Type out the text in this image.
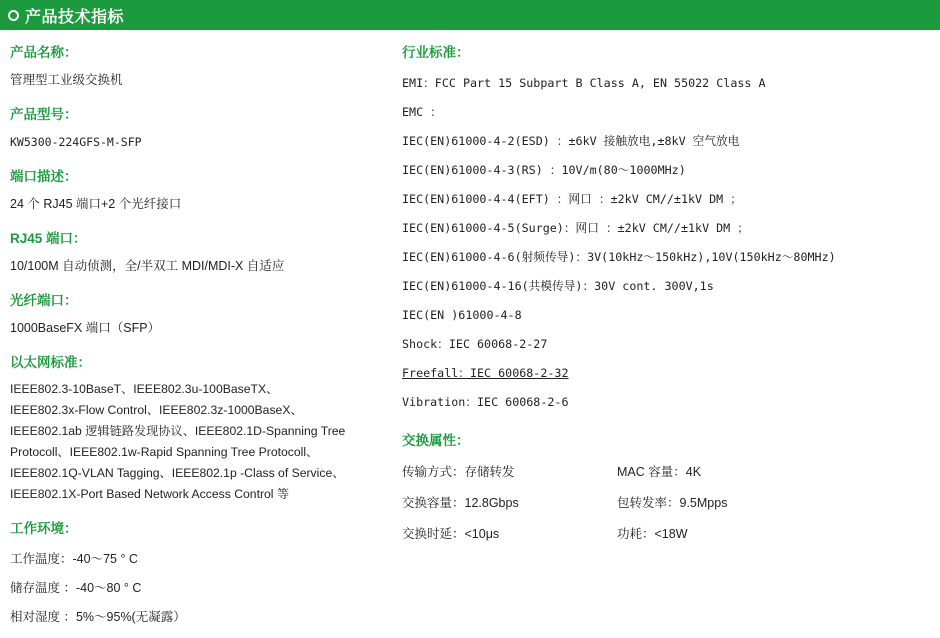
产品技术指标
产品名称：
管理型工业级交换机
产品型号：
KW5300-224GFS-M-SFP
端口描述：
24 个 RJ45 端口+2 个光纤接口
RJ45 端口：
10/100M 自动侦测，全/半双工 MDI/MDI-X 自适应
光纤端口：
1000BaseFX 端口（SFP）
以太网标准：
IEEE802.3-10BaseT、IEEE802.3u-100BaseTX、
IEEE802.3x-Flow Control、IEEE802.3z-1000BaseX、
IEEE802.1ab 逻辑链路发现协议、IEEE802.1D-Spanning Tree
Protocoll、IEEE802.1w-Rapid Spanning Tree Protocoll、
IEEE802.1Q-VLAN Tagging、IEEE802.1p -Class of Service、
IEEE802.1X-Port Based Network Access Control 等
工作环境：
工作温度：-40～75 ° C
储存温度 ：-40～80 ° C
相对湿度 ：5%～95%(无凝露）
行业标准：
EMI：FCC Part 15 Subpart B Class A, EN 55022 Class A
EMC ：
IEC(EN)61000-4-2(ESD) ：±6kV 接触放电,±8kV 空气放电
IEC(EN)61000-4-3(RS) ：10V/m(80～1000MHz)
IEC(EN)61000-4-4(EFT) ：网口 ：±2kV CM//±1kV DM ；
IEC(EN)61000-4-5(Surge)：网口 ：±2kV CM//±1kV DM ；
IEC(EN)61000-4-6(射频传导)：3V(10kHz～150kHz),10V(150kHz～80MHz)
IEC(EN)61000-4-16(共模传导)：30V cont. 300V,1s
IEC(EN )61000-4-8
Shock：IEC 60068-2-27
Freefall：IEC 60068-2-32
Vibration：IEC 60068-2-6
交换属性：
传输方式：存储转发	MAC 容量：4K
交换容量：12.8Gbps	包转发率：9.5Mpps
交换时延：<10μs	功耗：<18W
